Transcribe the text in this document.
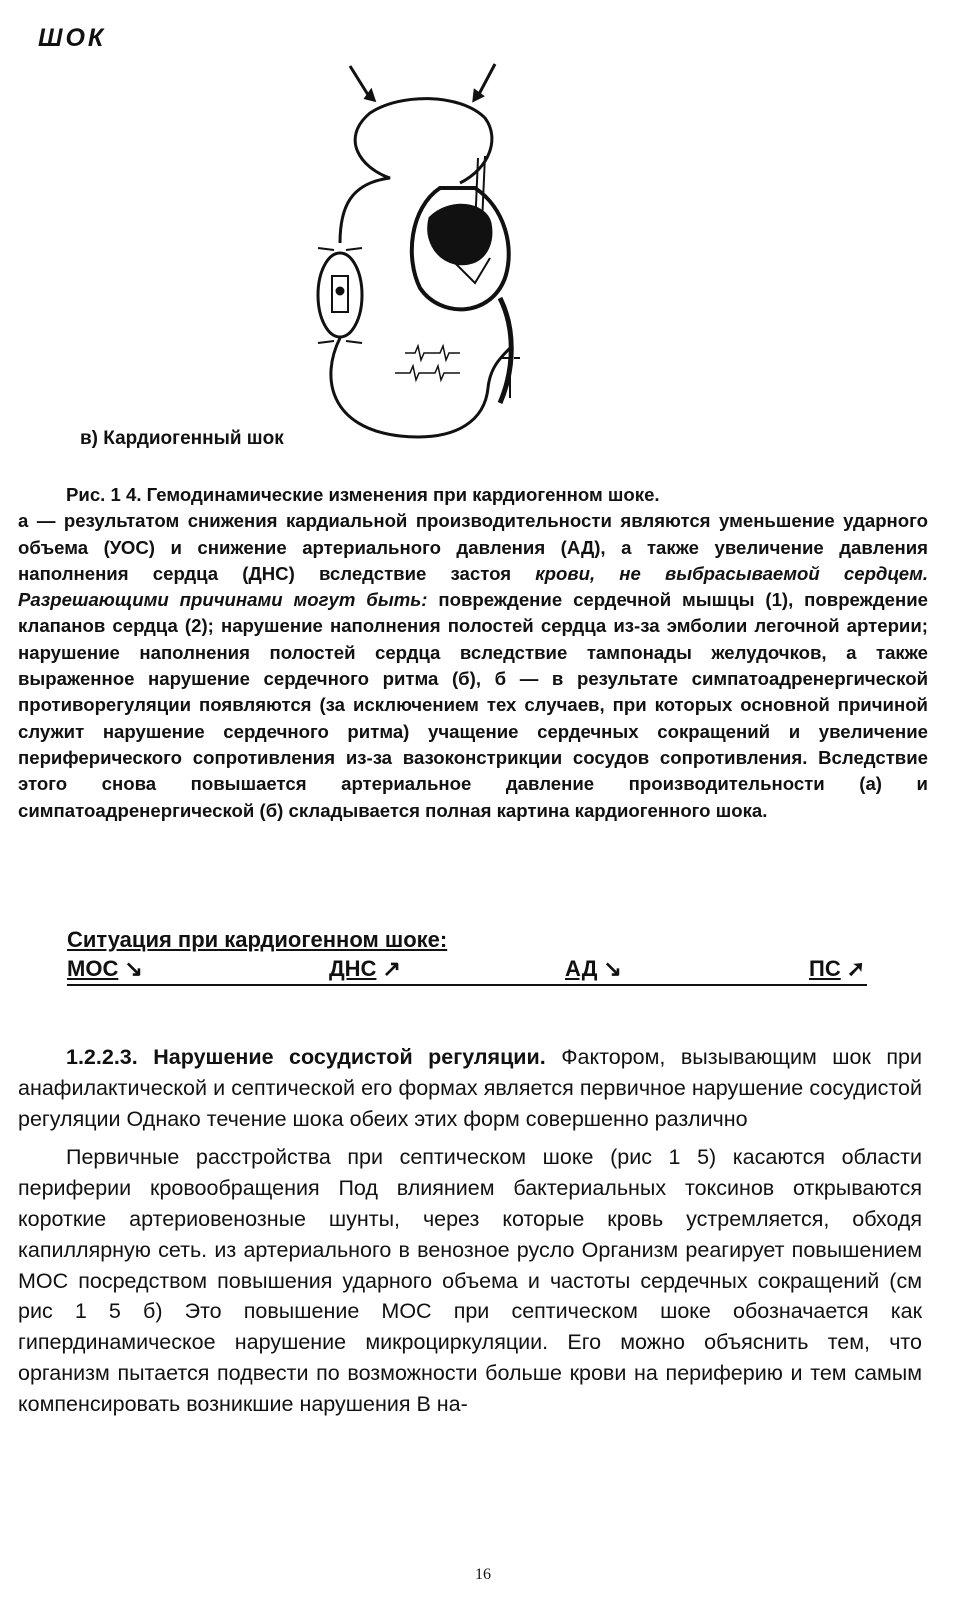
ШОК
в) Кардиогенный шок
Рис. 1 4. Гемодинамические изменения при кардиогенном шоке.

а — результатом снижения кардиальной производительности являются уменьшение ударного объема (УОС) и снижение артериального давления (АД), а также увеличение давления наполнения сердца (ДНС) вследствие застоя крови, не выбрасываемой сердцем. Разрешающими причинами могут быть: повреждение сердечной мышцы (1), повреждение клапанов сердца (2); нарушение наполнения полостей сердца из-за эмболии легочной артерии; нарушение наполнения полостей сердца вследствие тампонады желудочков, а также выраженное нарушение сердечного ритма (б), б — в результате симпатоадренергической противорегуляции появляются (за исключением тех случаев, при которых основной причиной служит нарушение сердечного ритма) учащение сердечных сокращений и увеличение периферического сопротивления из-за вазоконстрикции сосудов сопротивления. Вследствие этого снова повышается артериальное давление производительности (а) и симпатоадренергической (б) складывается полная картина кардиогенного шока.

Ситуация при кардиогенном шоке:
МОС ↘	ДНС ↗	АД ↘	ПС ➚

1.2.2.3. Нарушение сосудистой регуляции. Фактором, вызывающим шок при анафилактической и септической его формах является первичное нарушение сосудистой регуляции Однако течение шока обеих этих форм совершенно различно

Первичные расстройства при септическом шоке (рис 1 5) касаются области периферии кровообращения Под влиянием бактериальных токсинов открываются короткие артериовенозные шунты, через которые кровь устремляется, обходя капиллярную сеть. из артериального в венозное русло Организм реагирует повышением МОС посредством повышения ударного объема и частоты сердечных сокращений (см рис 1 5 б) Это повышение МОС при септическом шоке обозначается как гипердинамическое нарушение микроциркуляции. Его можно объяснить тем, что организм пытается подвести по возможности больше крови на периферию и тем самым компенсировать возникшие нарушения В на-

16
